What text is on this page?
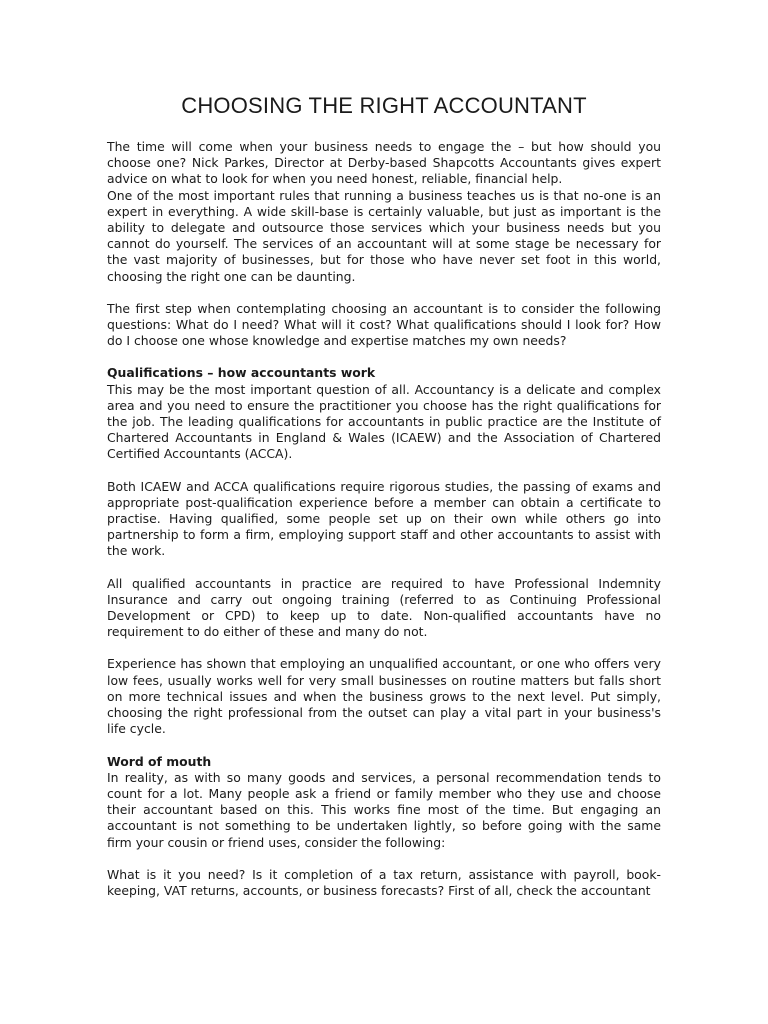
CHOOSING THE RIGHT ACCOUNTANT

The time will come when your business needs to engage the – but how should you choose one? Nick Parkes, Director at Derby-based Shapcotts Accountants gives expert advice on what to look for when you need honest, reliable, financial help.

One of the most important rules that running a business teaches us is that no-one is an expert in everything. A wide skill-base is certainly valuable, but just as important is the ability to delegate and outsource those services which your business needs but you cannot do yourself. The services of an accountant will at some stage be necessary for the vast majority of businesses, but for those who have never set foot in this world, choosing the right one can be daunting.

The first step when contemplating choosing an accountant is to consider the following questions: What do I need? What will it cost? What qualifications should I look for? How do I choose one whose knowledge and expertise matches my own needs?

Qualifications – how accountants work

This may be the most important question of all. Accountancy is a delicate and complex area and you need to ensure the practitioner you choose has the right qualifications for the job. The leading qualifications for accountants in public practice are the Institute of Chartered Accountants in England & Wales (ICAEW) and the Association of Chartered Certified Accountants (ACCA).

Both ICAEW and ACCA qualifications require rigorous studies, the passing of exams and appropriate post-qualification experience before a member can obtain a certificate to practise. Having qualified, some people set up on their own while others go into partnership to form a firm, employing support staff and other accountants to assist with the work.

All qualified accountants in practice are required to have Professional Indemnity Insurance and carry out ongoing training (referred to as Continuing Professional Development or CPD) to keep up to date. Non-qualified accountants have no requirement to do either of these and many do not.

Experience has shown that employing an unqualified accountant, or one who offers very low fees, usually works well for very small businesses on routine matters but falls short on more technical issues and when the business grows to the next level. Put simply, choosing the right professional from the outset can play a vital part in your business's life cycle.

Word of mouth

In reality, as with so many goods and services, a personal recommendation tends to count for a lot. Many people ask a friend or family member who they use and choose their accountant based on this. This works fine most of the time. But engaging an accountant is not something to be undertaken lightly, so before going with the same firm your cousin or friend uses, consider the following:

What is it you need? Is it completion of a tax return, assistance with payroll, book-keeping, VAT returns, accounts, or business forecasts? First of all, check the accountant
